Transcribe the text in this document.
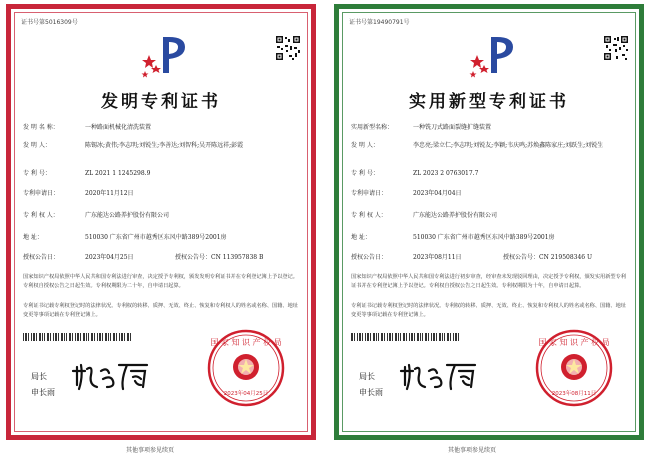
证书号第5016309号
发明专利证书
发 明 名 称：	一种路面机械化清洗装置
发 明 人：	陈锡冰;黄伟;李志明;刘锐生;李善达;刘智科;吴开陈远祥;彭霞
专 利 号：	ZL 2021 1 1245298.9
专利申请日：	2020年11月12日
专 利 权 人：	广东能达公路养护股份有限公司
地 址：	510030 广东省广州市越秀区东风中路389号2001房
授权公告日：	2023年04月25日	授权公告号： CN 113957838 B
国家知识产权局依照中华人民共和国专利法进行审查，决定授予专利权，颁发发明专利证书并在专利登记簿上予以登记。专利权自授权公告之日起生效。专利权期限为二十年，自申请日起算。
专利证书记载专利权登记时的法律状况。专利权的转移、质押、无效、终止、恢复和专利权人的姓名或名称、国籍、地址变更等事项记载在专利登记簿上。
局长
申长雨
国 家 知 识 产 权 局
2023年04月25日
其他事项参见续页
证书号第19490791号
实用新型专利证书
实用新型名称：	一种铣刀式路面裂缝扩缝装置
发 明 人：	李忠亮;梁立仁;李志明;刘锐友;李颖;韦庆鸣;苏焕鑫陈家庄;刘跃生;刘锐生
专 利 号：	ZL 2023 2 0763017.7
专利申请日：	2023年04月04日
专 利 权 人：	广东能达公路养护股份有限公司
地 址：	510030 广东省广州市越秀区东风中路389号2001房
授权公告日：	2023年08月11日	授权公告号： CN 219508346 U
国家知识产权局依照中华人民共和国专利法进行初步审查，经审查未发现驳回理由，决定授予专利权，颁发实用新型专利证书并在专利登记簿上予以登记。专利权自授权公告之日起生效。专利权期限为十年，自申请日起算。
专利证书记载专利权登记时的法律状况。专利权的转移、质押、无效、终止、恢复和专利权人的姓名或名称、国籍、地址变更等事项记载在专利登记簿上。
局长
申长雨
国 家 知 识 产 权 局
2023年08月11日
其他事项参见续页
